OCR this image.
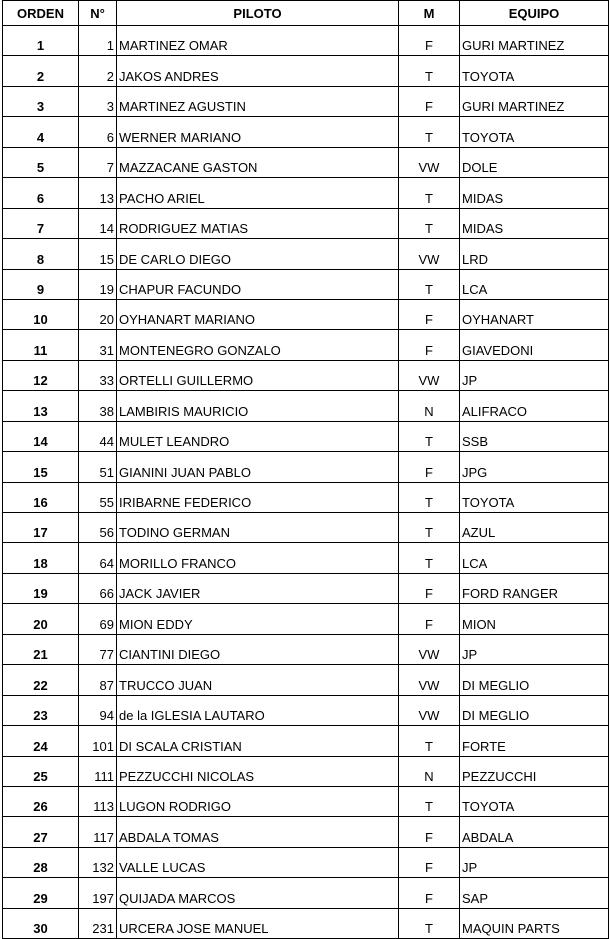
ORDEN	N°	PILOTO	M	EQUIPO
1	1	MARTINEZ OMAR	F	GURI MARTINEZ
2	2	JAKOS ANDRES	T	TOYOTA
3	3	MARTINEZ AGUSTIN	F	GURI MARTINEZ
4	6	WERNER MARIANO	T	TOYOTA
5	7	MAZZACANE GASTON	VW	DOLE
6	13	PACHO ARIEL	T	MIDAS
7	14	RODRIGUEZ MATIAS	T	MIDAS
8	15	DE CARLO DIEGO	VW	LRD
9	19	CHAPUR FACUNDO	T	LCA
10	20	OYHANART MARIANO	F	OYHANART
11	31	MONTENEGRO GONZALO	F	GIAVEDONI
12	33	ORTELLI GUILLERMO	VW	JP
13	38	LAMBIRIS MAURICIO	N	ALIFRACO
14	44	MULET LEANDRO	T	SSB
15	51	GIANINI JUAN PABLO	F	JPG
16	55	IRIBARNE FEDERICO	T	TOYOTA
17	56	TODINO GERMAN	T	AZUL
18	64	MORILLO FRANCO	T	LCA
19	66	JACK JAVIER	F	FORD RANGER
20	69	MION EDDY	F	MION
21	77	CIANTINI DIEGO	VW	JP
22	87	TRUCCO JUAN	VW	DI MEGLIO
23	94	de la IGLESIA LAUTARO	VW	DI MEGLIO
24	101	DI SCALA CRISTIAN	T	FORTE
25	111	PEZZUCCHI NICOLAS	N	PEZZUCCHI
26	113	LUGON RODRIGO	T	TOYOTA
27	117	ABDALA TOMAS	F	ABDALA
28	132	VALLE LUCAS	F	JP
29	197	QUIJADA MARCOS	F	SAP
30	231	URCERA JOSE MANUEL	T	MAQUIN PARTS
